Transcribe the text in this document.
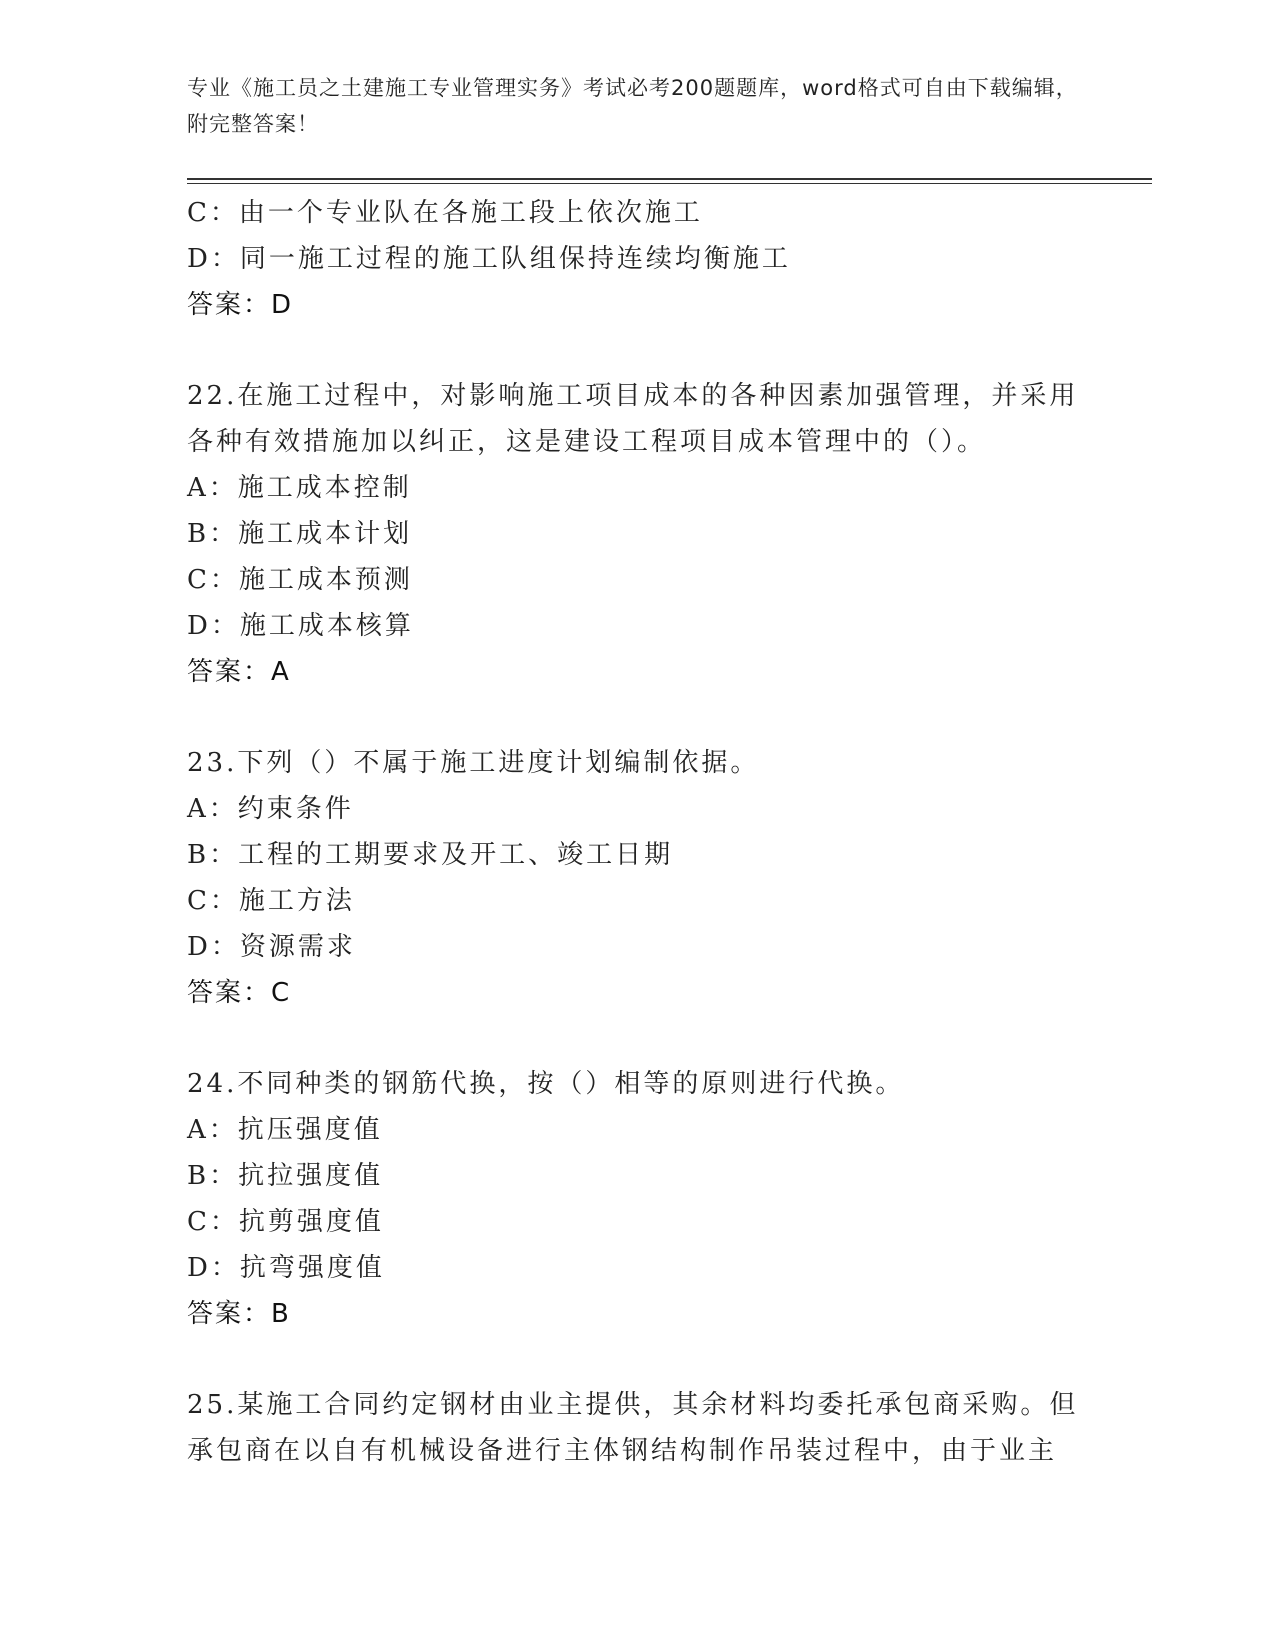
专业《施工员之土建施工专业管理实务》考试必考200题题库，word格式可自由下载编辑，附完整答案！
C：由一个专业队在各施工段上依次施工
D：同一施工过程的施工队组保持连续均衡施工
答案：D
22.在施工过程中，对影响施工项目成本的各种因素加强管理，并采用
各种有效措施加以纠正，这是建设工程项目成本管理中的（）。
A：施工成本控制
B：施工成本计划
C：施工成本预测
D：施工成本核算
答案：A
23.下列（）不属于施工进度计划编制依据。
A：约束条件
B：工程的工期要求及开工、竣工日期
C：施工方法
D：资源需求
答案：C
24.不同种类的钢筋代换，按（）相等的原则进行代换。
A：抗压强度值
B：抗拉强度值
C：抗剪强度值
D：抗弯强度值
答案：B
25.某施工合同约定钢材由业主提供，其余材料均委托承包商采购。但
承包商在以自有机械设备进行主体钢结构制作吊装过程中，由于业主
